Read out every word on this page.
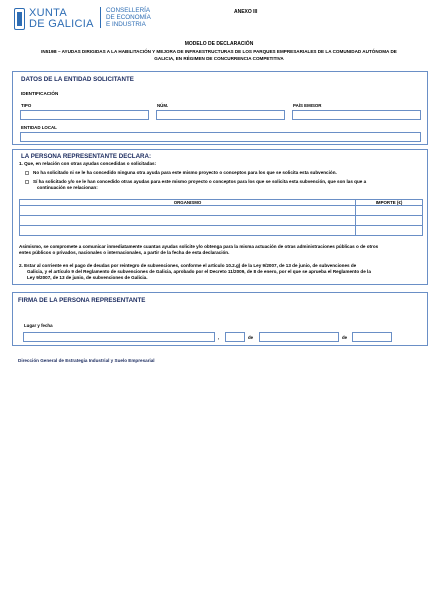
XUNTA
DE GALICIA
CONSELLERÍA
DE ECONOMÍA
E INDUSTRIA
ANEXO III
MODELO DE DECLARACIÓN
IN519B – AYUDAS DIRIGIDAS A LA HABILITACIÓN Y MEJORA DE INFRAESTRUCTURAS DE LOS PARQUES EMPRESARIALES DE LA COMUNIDAD AUTÓNOMA DE
GALICIA, EN RÉGIMEN DE CONCURRENCIA COMPETITIVA
DATOS DE LA ENTIDAD SOLICITANTE
IDENTIFICACIÓN
TIPO	NÚM.	PAÍS EMISOR
ENTIDAD LOCAL
LA PERSONA REPRESENTANTE DECLARA:
1. Que, en relación con otras ayudas concedidas o solicitadas:
No ha solicitado ni se le ha concedido ninguna otra ayuda para este mismo proyecto o conceptos para los que se solicita esta subvención.
Sí ha solicitado y/o se le han concedido otras ayudas para este mismo proyecto o conceptos para los que se solicita esta subvención, que son las que a
continuación se relacionan:
ORGANISMO	IMPORTE (€)

Asimismo, se compromete a comunicar inmediatamente cuantas ayudas solicite y/o obtenga para la misma actuación de otras administraciones públicas o de otros
entes públicos o privados, nacionales o internacionales, a partir de la fecha de esta declaración.
2. Estar al corriente en el pago de deudas por reintegro de subvenciones, conforme el artículo 10.2.g) de la Ley 9/2007, de 13 de junio, de subvenciones de
Galicia, y el artículo 9 del Reglamento de subvenciones de Galicia, aprobado por el Decreto 11/2009, de 8 de enero, por el que se aprueba el Reglamento de la
Ley 9/2007, de 13 de junio, de subvenciones de Galicia.
FIRMA DE LA PERSONA REPRESENTANTE
Lugar y fecha
,	de	de
Dirección General de Estrategia Industrial y Suelo Empresarial
